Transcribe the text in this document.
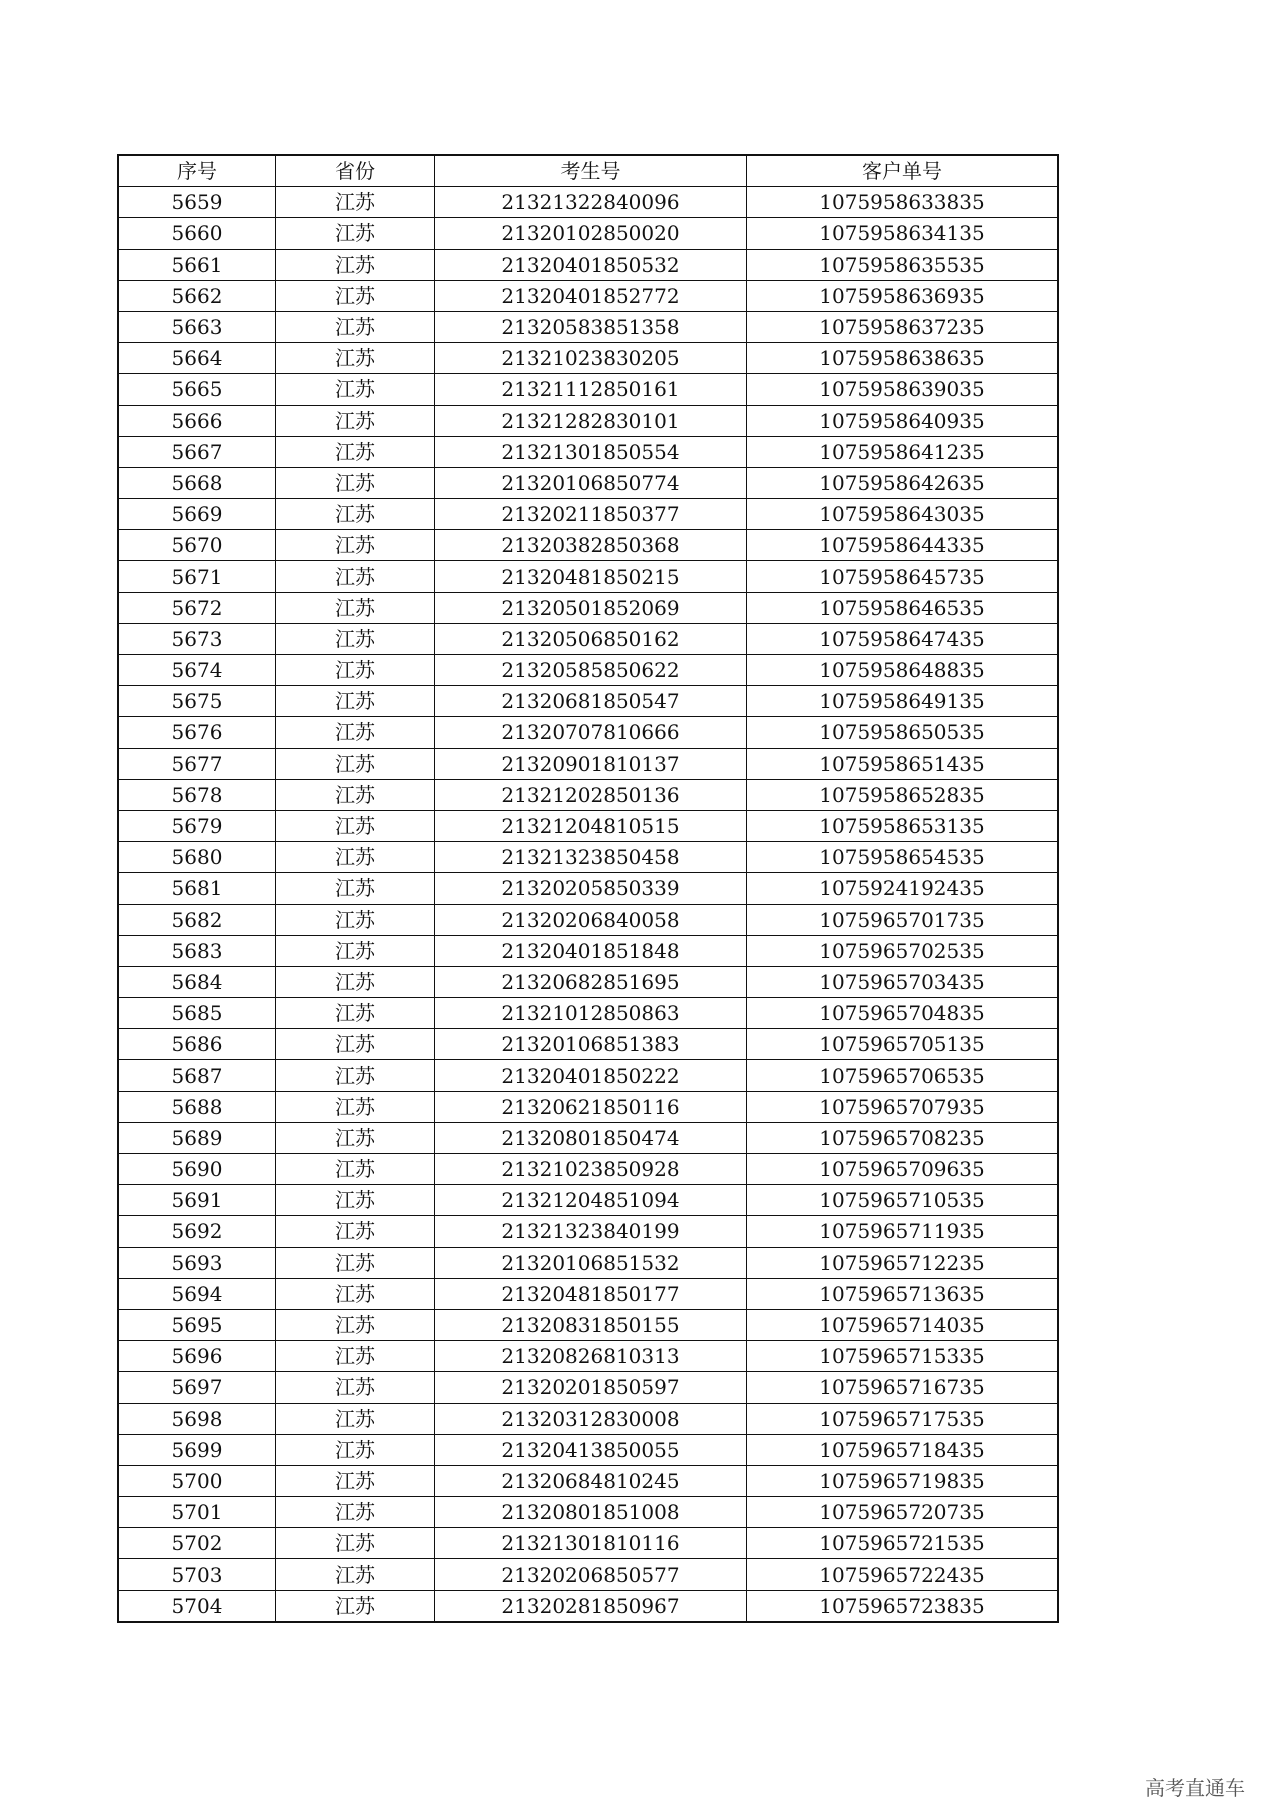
序号	省份	考生号	客户单号
5659	江苏	21321322840096	1075958633835
5660	江苏	21320102850020	1075958634135
5661	江苏	21320401850532	1075958635535
5662	江苏	21320401852772	1075958636935
5663	江苏	21320583851358	1075958637235
5664	江苏	21321023830205	1075958638635
5665	江苏	21321112850161	1075958639035
5666	江苏	21321282830101	1075958640935
5667	江苏	21321301850554	1075958641235
5668	江苏	21320106850774	1075958642635
5669	江苏	21320211850377	1075958643035
5670	江苏	21320382850368	1075958644335
5671	江苏	21320481850215	1075958645735
5672	江苏	21320501852069	1075958646535
5673	江苏	21320506850162	1075958647435
5674	江苏	21320585850622	1075958648835
5675	江苏	21320681850547	1075958649135
5676	江苏	21320707810666	1075958650535
5677	江苏	21320901810137	1075958651435
5678	江苏	21321202850136	1075958652835
5679	江苏	21321204810515	1075958653135
5680	江苏	21321323850458	1075958654535
5681	江苏	21320205850339	1075924192435
5682	江苏	21320206840058	1075965701735
5683	江苏	21320401851848	1075965702535
5684	江苏	21320682851695	1075965703435
5685	江苏	21321012850863	1075965704835
5686	江苏	21320106851383	1075965705135
5687	江苏	21320401850222	1075965706535
5688	江苏	21320621850116	1075965707935
5689	江苏	21320801850474	1075965708235
5690	江苏	21321023850928	1075965709635
5691	江苏	21321204851094	1075965710535
5692	江苏	21321323840199	1075965711935
5693	江苏	21320106851532	1075965712235
5694	江苏	21320481850177	1075965713635
5695	江苏	21320831850155	1075965714035
5696	江苏	21320826810313	1075965715335
5697	江苏	21320201850597	1075965716735
5698	江苏	21320312830008	1075965717535
5699	江苏	21320413850055	1075965718435
5700	江苏	21320684810245	1075965719835
5701	江苏	21320801851008	1075965720735
5702	江苏	21321301810116	1075965721535
5703	江苏	21320206850577	1075965722435
5704	江苏	21320281850967	1075965723835
高考直通车
